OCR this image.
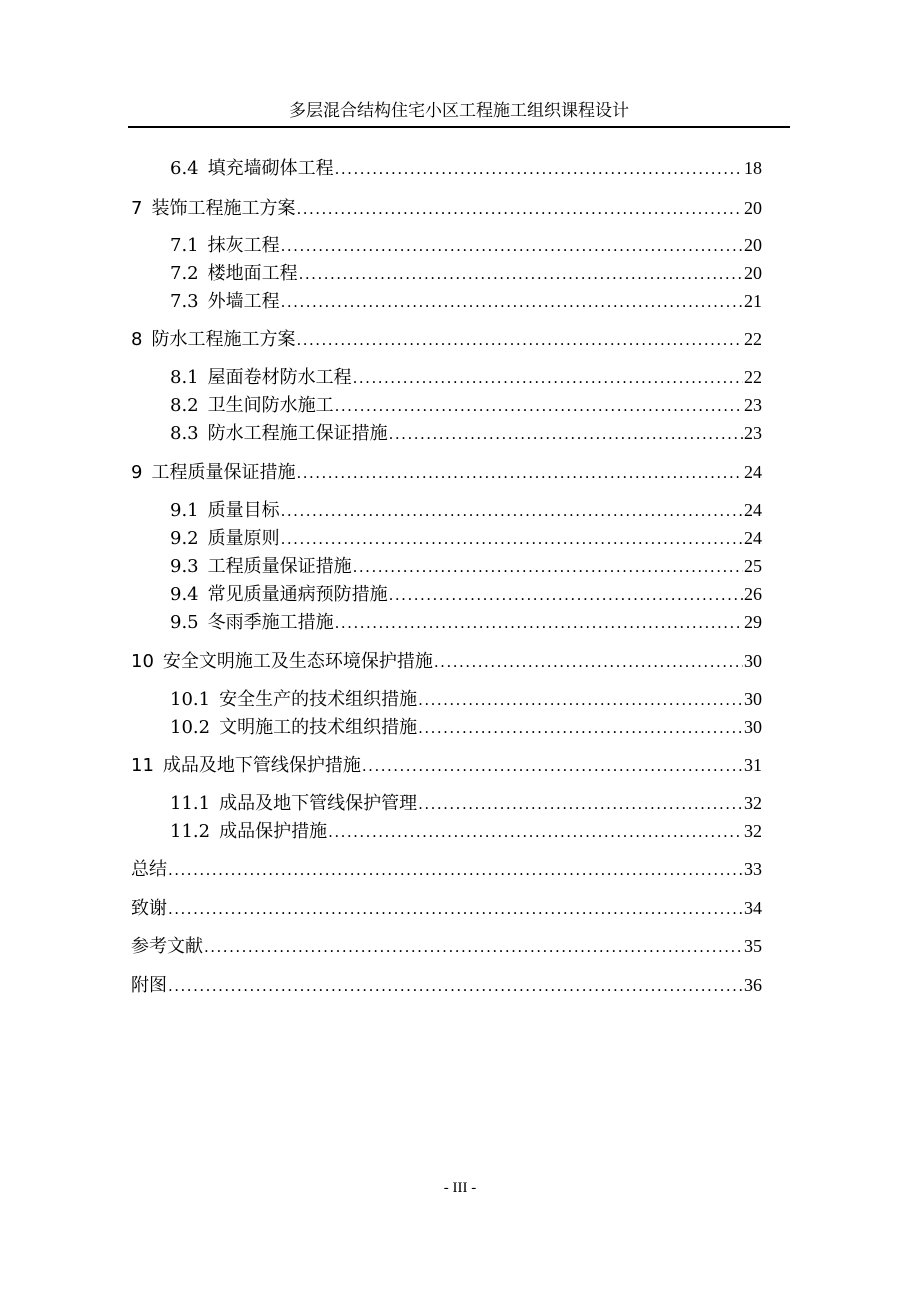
多层混合结构住宅小区工程施工组织课程设计
6.4 填充墙砌体工程 .....	18
7 装饰工程施工方案 .....	20
7.1 抹灰工程 .....	20
7.2 楼地面工程 .....	20
7.3 外墙工程 .....	21
8 防水工程施工方案 .....	22
8.1 屋面卷材防水工程 .....	22
8.2 卫生间防水施工 .....	23
8.3 防水工程施工保证措施 .....	23
9 工程质量保证措施 .....	24
9.1 质量目标 .....	24
9.2 质量原则 .....	24
9.3 工程质量保证措施 .....	25
9.4 常见质量通病预防措施 .....	26
9.5 冬雨季施工措施 .....	29
10 安全文明施工及生态环境保护措施 .....	30
10.1 安全生产的技术组织措施 .....	30
10.2 文明施工的技术组织措施 .....	30
11 成品及地下管线保护措施 .....	31
11.1 成品及地下管线保护管理 .....	32
11.2 成品保护措施 .....	32
总结 .....	33
致谢 .....	34
参考文献 .....	35
附图 .....	36
- III -
